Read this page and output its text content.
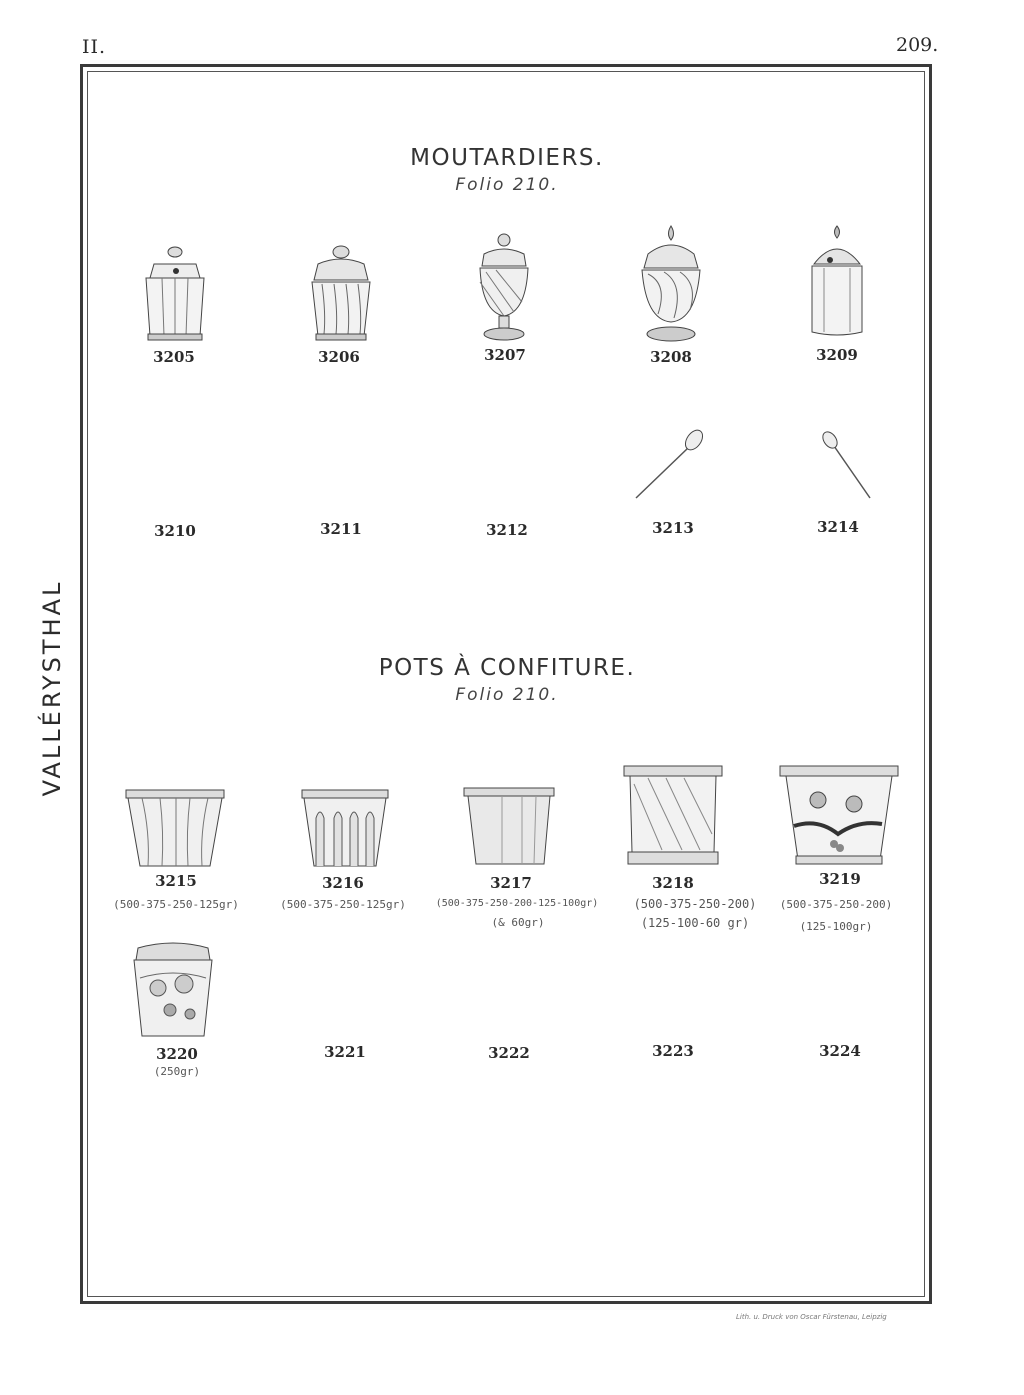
II.	209.
VALLÉRYSTHAL
MOUTARDIERS.
Folio 210.
3205	3206	3207	3208	3209
3210	3211	3212	3213	3214
POTS À CONFITURE.
Folio 210.
3215
(500-375-250-125gr)
3216
(500-375-250-125gr)
3217
(500-375-250-200-125-100gr)
(& 60gr)
3218
(500-375-250-200)
(125-100-60 gr)
3219
(500-375-250-200)
(125-100gr)
3220
(250gr)
3221	3222	3223	3224
Lith. u. Druck von Oscar Fürstenau, Leipzig
